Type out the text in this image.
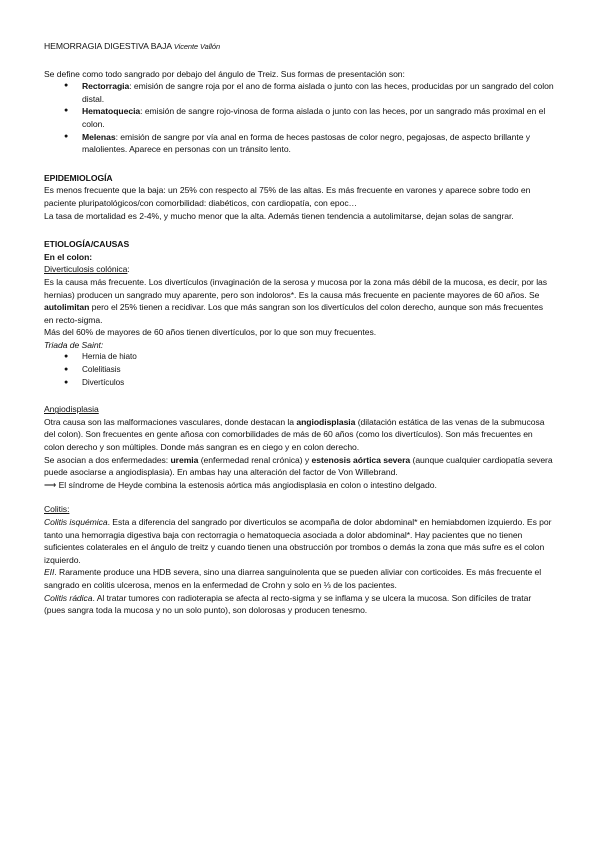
HEMORRAGIA DIGESTIVA BAJA Vicente Vallón

Se define como todo sangrado por debajo del ángulo de Treiz. Sus formas de presentación son:

● Rectorragia: emisión de sangre roja por el ano de forma aislada o junto con las heces, producidas por un sangrado del colon distal.
● Hematoquecia: emisión de sangre rojo-vinosa de forma aislada o junto con las heces, por un sangrado más proximal en el colon.
● Melenas: emisión de sangre por vía anal en forma de heces pastosas de color negro, pegajosas, de aspecto brillante y malolientes. Aparece en personas con un tránsito lento.
EPIDEMIOLOGÍA

Es menos frecuente que la baja: un 25% con respecto al 75% de las altas. Es más frecuente en varones y aparece sobre todo en paciente pluripatológicos/con comorbilidad: diabéticos, con cardiopatía, con epoc…

La tasa de mortalidad es 2-4%, y mucho menor que la alta. Además tienen tendencia a autolimitarse, dejan solas de sangrar.

ETIOLOGÍA/CAUSAS
En el colon:
Diverticulosis colónica:

Es la causa más frecuente. Los divertículos (invaginación de la serosa y mucosa por la zona más débil de la mucosa, es decir, por las hernias) producen un sangrado muy aparente, pero son indoloros*. Es la causa más frecuente en paciente mayores de 60 años. Se autolimitan pero el 25% tienen a recidivar. Los que más sangran son los divertículos del colon derecho, aunque son más frecuentes en recto-sigma.

Más del 60% de mayores de 60 años tienen divertículos, por lo que son muy frecuentes.

Triada de Saint:

● Hernia de hiato
● Colelitiasis
● Divertículos
Angiodisplasia

Otra causa son las malformaciones vasculares, donde destacan la angiodisplasia (dilatación estática de las venas de la submucosa del colon). Son frecuentes en gente añosa con comorbilidades de más de 60 años (como los divertículos). Son más frecuentes en colon derecho y son múltiples. Donde más sangran es en ciego y en colon derecho.

Se asocian a dos enfermedades: uremia (enfermedad renal crónica) y estenosis aórtica severa (aunque cualquier cardiopatía severa puede asociarse a angiodisplasia). En ambas hay una alteración del factor de Von Willebrand.

⟶ El síndrome de Heyde combina la estenosis aórtica más angiodisplasia en colon o intestino delgado.

Colitis:

Colitis isquémica. Esta a diferencia del sangrado por diverticulos se acompaña de dolor abdominal* en hemiabdomen izquierdo. Es por tanto una hemorragia digestiva baja con rectorragia o hematoquecia asociada a dolor abdominal*. Hay pacientes que no tienen suficientes colaterales en el ángulo de treitz y cuando tienen una obstrucción por trombos o demás la zona que más sufre es el colon izquierdo.

EII. Raramente produce una HDB severa, sino una diarrea sanguinolenta que se pueden aliviar con corticoides. Es más frecuente el sangrado en colitis ulcerosa, menos en la enfermedad de Crohn y solo en ⅓ de los pacientes.

Colitis rádica. Al tratar tumores con radioterapia se afecta al recto-sigma y se inflama y se ulcera la mucosa. Son difíciles de tratar (pues sangra toda la mucosa y no un solo punto), son dolorosas y producen tenesmo.
